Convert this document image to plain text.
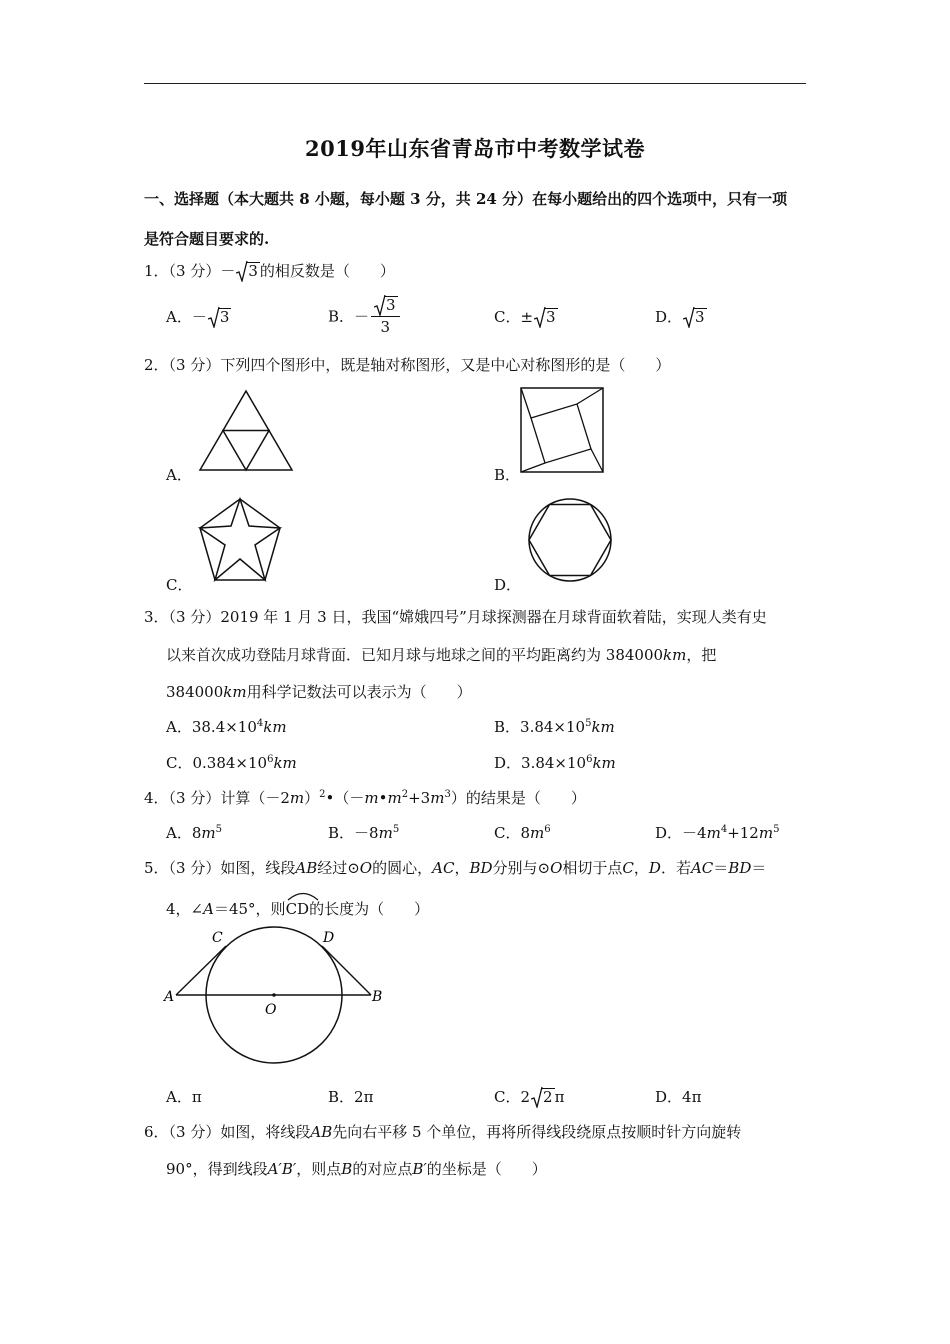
2019年山东省青岛市中考数学试卷
一、选择题（本大题共 8 小题，每小题 3 分，共 24 分）在每小题给出的四个选项中，只有一项
是符合题目要求的.
1．（3 分）－ 3 的相反数是（　　）
A．－ 3	B．－ $\frac{3}{3}$	C．± 3	D． 3
2．（3 分）下列四个图形中，既是轴对称图形，又是中心对称图形的是（　　）
A．	B．
C．	D．
3．（3 分）2019 年 1 月 3 日，我国“嫦娥四号”月球探测器在月球背面软着陆，实现人类有史
以来首次成功登陆月球背面．已知月球与地球之间的平均距离约为 384000km，把
384000km用科学记数法可以表示为（　　）
A．$38.4\times 10^4km$	B．$3.84\times 10^5km$
C．$0.384\times 10^6km$	D．$3.84\times 10^6km$
4．（3 分）计算$(-2m)^2•(-m•m^2+3m^3)$的结果是（　　）
A．$8m^5$	B．$-8m^5$	C．$8m^6$	D．$-4m^4+12m^5$
5．（3 分）如图，线段AB经过⊙O的圆心，AC，BD分别与⊙O相切于点C，D．若AC＝BD＝
4，∠A＝45°，则
CD的长度为（　　）
A	B
C	D
O
A．π	B．2π	C．2 2 π	D．4π
6．（3 分）如图，将线段AB先向右平移 5 个单位，再将所得线段绕原点按顺时针方向旋转
90°，得到线段A′B′，则点B的对应点B′的坐标是（　　）
